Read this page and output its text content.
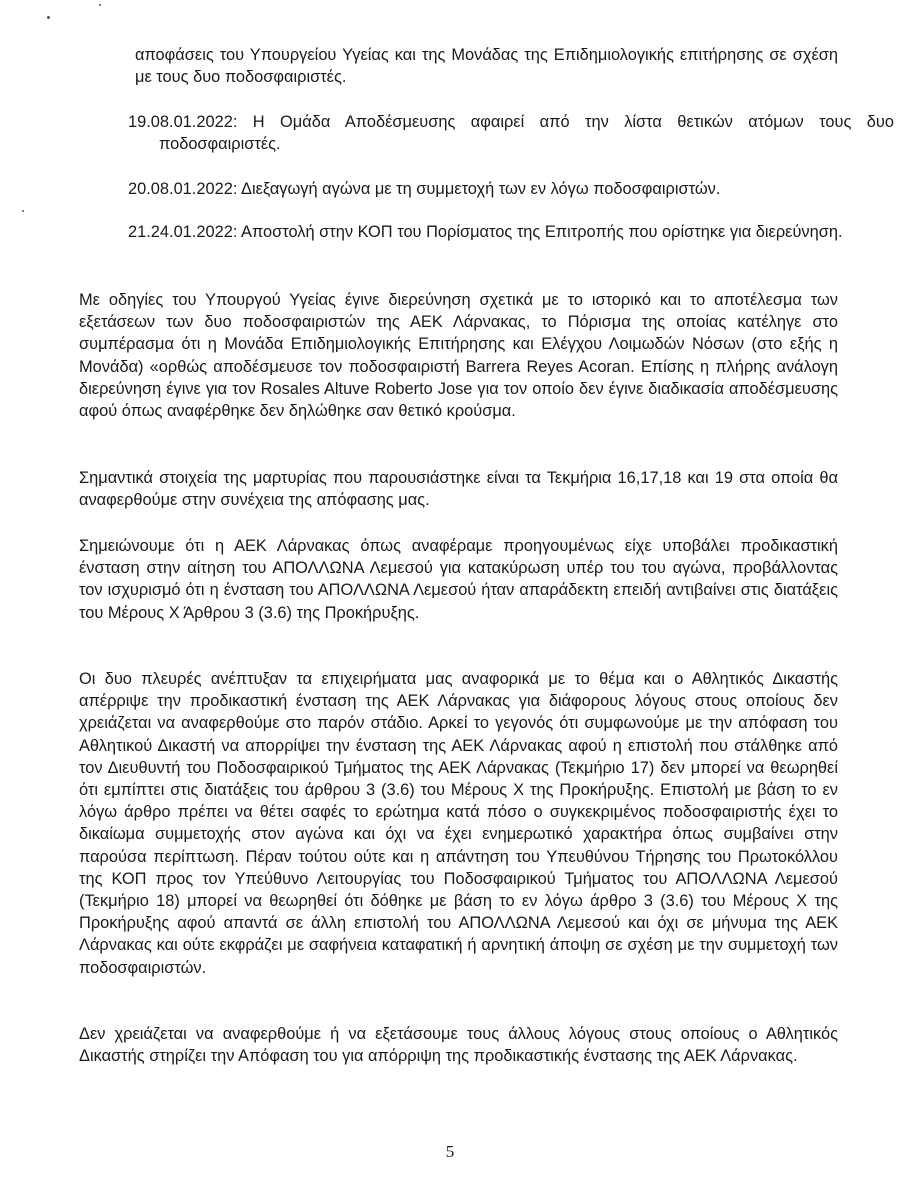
αποφάσεις του Υπουργείου Υγείας και της Μονάδας της Επιδημιολογικής επιτήρησης σε σχέση με τους δυο ποδοσφαιριστές.

19.08.01.2022: Η Ομάδα Αποδέσμευσης αφαιρεί από την λίστα θετικών ατόμων τους δυο ποδοσφαιριστές.

20.08.01.2022: Διεξαγωγή αγώνα με τη συμμετοχή των εν λόγω ποδοσφαιριστών.

21.24.01.2022: Αποστολή στην ΚΟΠ του Πορίσματος της Επιτροπής που ορίστηκε για διερεύνηση.

Με οδηγίες του Υπουργού Υγείας έγινε διερεύνηση σχετικά με το ιστορικό και το αποτέλεσμα των εξετάσεων των δυο ποδοσφαιριστών της ΑΕΚ Λάρνακας, το Πόρισμα της οποίας κατέληγε στο συμπέρασμα ότι η Μονάδα Επιδημιολογικής Επιτήρησης και Ελέγχου Λοιμωδών Νόσων (στο εξής η Μονάδα) «ορθώς αποδέσμευσε τον ποδοσφαιριστή Barrera Reyes Acoran. Επίσης η πλήρης ανάλογη διερεύνηση έγινε για τον Rosales Altuve Roberto Jose για τον οποίο δεν έγινε διαδικασία αποδέσμευσης αφού όπως αναφέρθηκε δεν δηλώθηκε σαν θετικό κρούσμα.

Σημαντικά στοιχεία της μαρτυρίας που παρουσιάστηκε είναι τα Τεκμήρια 16,17,18 και 19 στα οποία θα αναφερθούμε στην συνέχεια της απόφασης μας.

Σημειώνουμε ότι η ΑΕΚ Λάρνακας όπως αναφέραμε προηγουμένως είχε υποβάλει προδικαστική ένσταση στην αίτηση του ΑΠΟΛΛΩΝΑ Λεμεσού για κατακύρωση υπέρ του του αγώνα, προβάλλοντας τον ισχυρισμό ότι η ένσταση του ΑΠΟΛΛΩΝΑ Λεμεσού ήταν απαράδεκτη επειδή αντιβαίνει στις διατάξεις του Μέρους Χ Άρθρου 3 (3.6) της Προκήρυξης.

Οι δυο πλευρές ανέπτυξαν τα επιχειρήματα μας αναφορικά με το θέμα και ο Αθλητικός Δικαστής απέρριψε την προδικαστική ένσταση της ΑΕΚ Λάρνακας για διάφορους λόγους στους οποίους δεν χρειάζεται να αναφερθούμε στο παρόν στάδιο. Αρκεί το γεγονός ότι συμφωνούμε με την απόφαση του Αθλητικού Δικαστή να απορρίψει την ένσταση της ΑΕΚ Λάρνακας αφού η επιστολή που στάλθηκε από τον Διευθυντή του Ποδοσφαιρικού Τμήματος της ΑΕΚ Λάρνακας (Τεκμήριο 17) δεν μπορεί να θεωρηθεί ότι εμπίπτει στις διατάξεις του άρθρου 3 (3.6) του Μέρους Χ της Προκήρυξης. Επιστολή με βάση το εν λόγω άρθρο πρέπει να θέτει σαφές το ερώτημα κατά πόσο ο συγκεκριμένος ποδοσφαιριστής έχει το δικαίωμα συμμετοχής στον αγώνα και όχι να έχει ενημερωτικό χαρακτήρα όπως συμβαίνει στην παρούσα περίπτωση. Πέραν τούτου ούτε και η απάντηση του Υπευθύνου Τήρησης του Πρωτοκόλλου της ΚΟΠ προς τον Υπεύθυνο Λειτουργίας του Ποδοσφαιρικού Τμήματος του ΑΠΟΛΛΩΝΑ Λεμεσού (Τεκμήριο 18) μπορεί να θεωρηθεί ότι δόθηκε με βάση το εν λόγω άρθρο 3 (3.6) του Μέρους Χ της Προκήρυξης αφού απαντά σε άλλη επιστολή του ΑΠΟΛΛΩΝΑ Λεμεσού και όχι σε μήνυμα της ΑΕΚ Λάρνακας και ούτε εκφράζει με σαφήνεια καταφατική ή αρνητική άποψη σε σχέση με την συμμετοχή των ποδοσφαιριστών.

Δεν χρειάζεται να αναφερθούμε ή να εξετάσουμε τους άλλους λόγους στους οποίους ο Αθλητικός Δικαστής στηρίζει την Απόφαση του για απόρριψη της προδικαστικής ένστασης της ΑΕΚ Λάρνακας.

5
